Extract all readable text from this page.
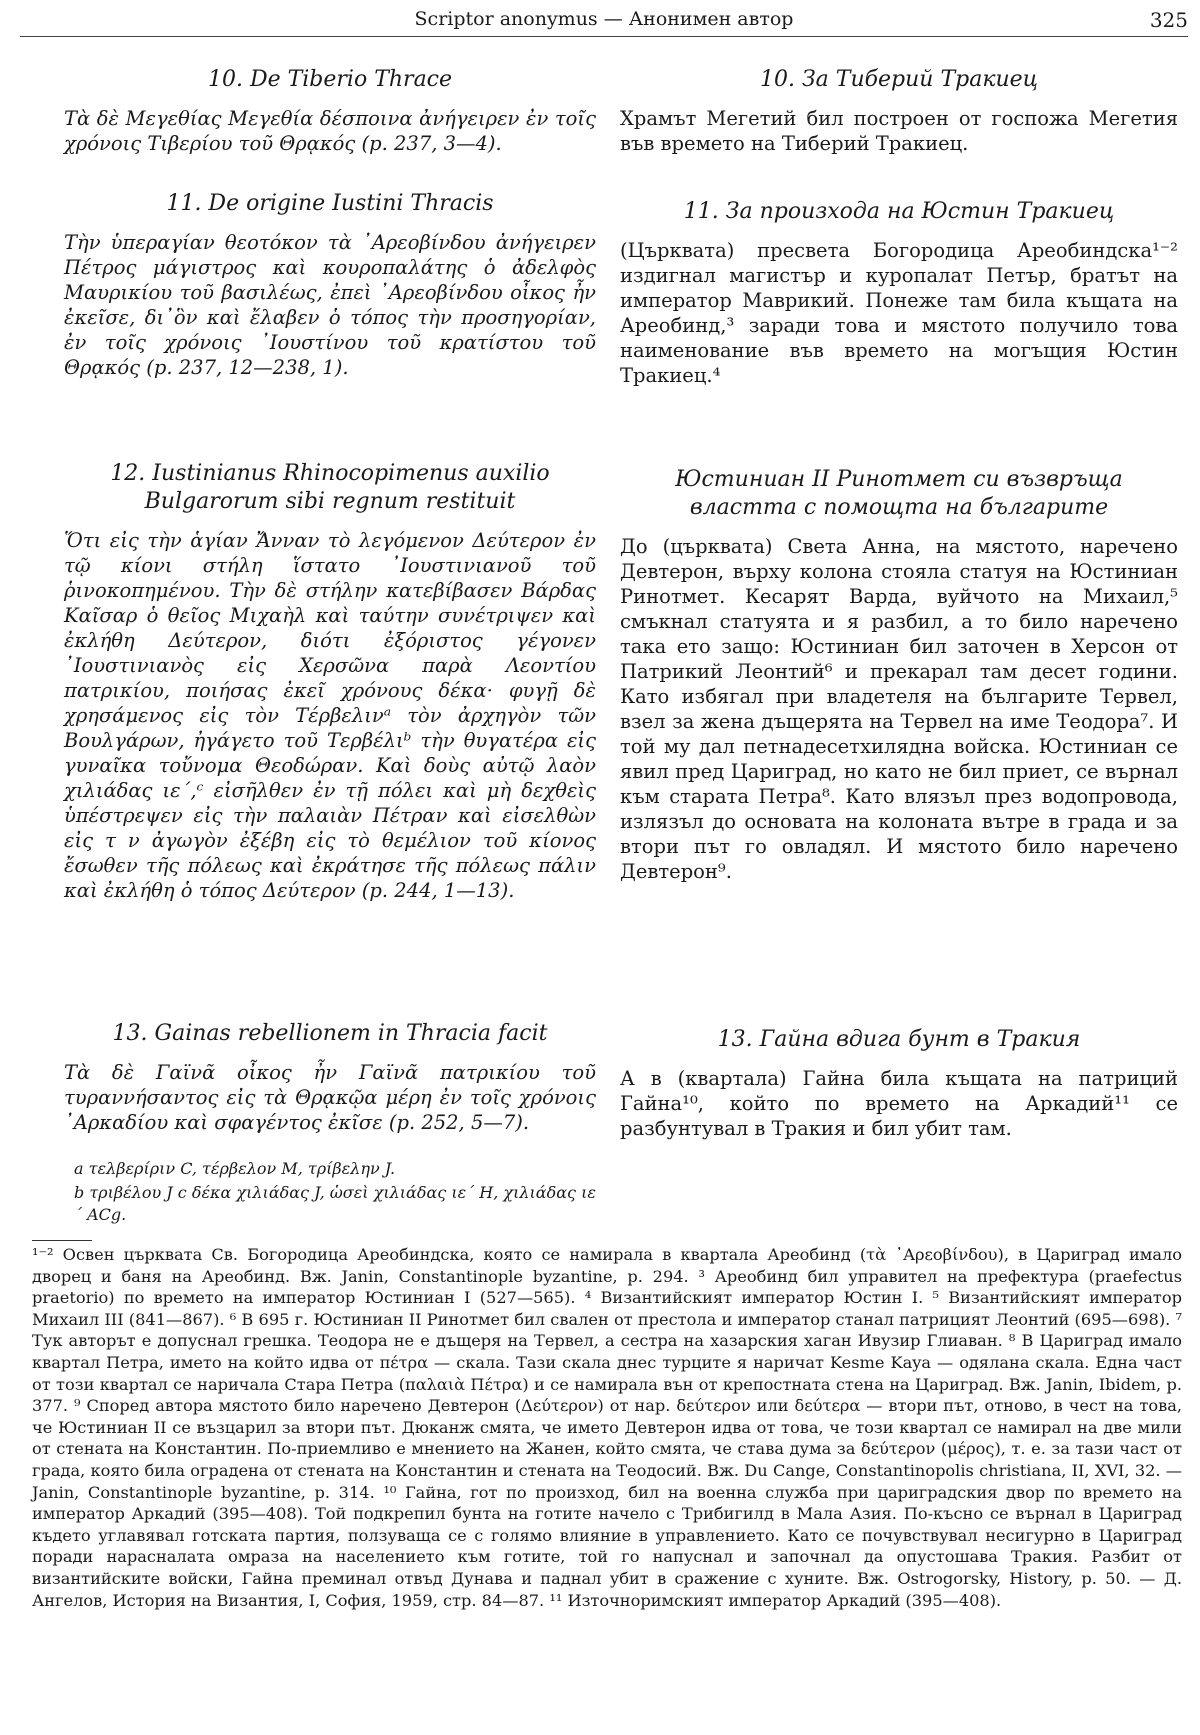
Scriptor anonymus — Анонимен автор	325
10. De Tiberio Thrace

Τὰ δὲ Μεγεθίας Μεγεθία δέσποινα ἀνήγειρεν ἐν τοῖς χρόνοις Τιβερίου τοῦ Θρᾳκός (p. 237, 3—4).

11. De origine Iustini Thracis

Τὴν ὑπεραγίαν θεοτόκον τὰ ᾿Αρεοβίνδου ἀνήγειρεν Πέτρος μάγιστρος καὶ κουροπαλάτης ὁ ἀδελφὸς Μαυρικίου τοῦ βασιλέως, ἐπεὶ ᾿Αρεοβίνδου οἶκος ἦν ἐκεῖσε, δι᾿ὃν καὶ ἔλαβεν ὁ τόπος τὴν προσηγορίαν, ἐν τοῖς χρόνοις ᾿Ιουστίνου τοῦ κρατίστου τοῦ Θρᾳκός (p. 237, 12—238, 1).

12. Iustinianus Rhinocopimenus auxilio
Bulgarorum sibi regnum restituit

Ὅτι εἰς τὴν ἁγίαν Ἄνναν τὸ λεγόμενον Δεύτερον ἐν τῷ κίονι στήλη ἵστατο ᾿Ιουστινιανοῦ τοῦ ῥινοκοπημένου. Τὴν δὲ στήλην κατεβίβασεν Βάρδας Καῖσαρ ὁ θεῖος Μιχαὴλ καὶ ταύτην συνέτριψεν καὶ ἐκλήθη Δεύτερον, διότι ἐξόριστος γέγονεν ᾿Ιουστινιανὸς εἰς Χερσῶνα παρὰ Λεοντίου πατρικίου, ποιήσας ἐκεῖ χρόνους δέκα· φυγῇ δὲ χρησάμενος εἰς τὸν Τέρβελινᵃ τὸν ἀρχηγὸν τῶν Βουλγάρων, ἠγάγετο τοῦ Τερβέλιᵇ τὴν θυγατέρα εἰς γυναῖκα τοὔνομα Θεοδώραν. Καὶ δοὺς αὐτῷ λαὸν χιλιάδας ιε´,ᶜ εἰσῆλθεν ἐν τῇ πόλει καὶ μὴ δεχθεὶς ὑπέστρεψεν εἰς τὴν παλαιὰν Πέτραν καὶ εἰσελθὼν εἰς τ ν ἀγωγὸν ἐξέβη εἰς τὸ θεμέλιον τοῦ κίονος ἔσωθεν τῆς πόλεως καὶ ἐκράτησε τῆς πόλεως πάλιν καὶ ἐκλήθη ὁ τόπος Δεύτερον (p. 244, 1—13).

13. Gainas rebellionem in Thracia facit

Τὰ δὲ Γαϊνᾶ οἶκος ἦν Γαϊνᾶ πατρικίου τοῦ τυραννήσαντος εἰς τὰ Θρᾳκῷα μέρη ἐν τοῖς χρόνοις ᾿Αρκαδίου καὶ σφαγέντος ἐκῖσε (p. 252, 5—7).

a τελβερίριν C, τέρβελον M, τρίβελην J.
b τριβέλου J c δέκα χιλιάδας J, ὡσεὶ χιλιάδας ιε´ H, χιλιάδας ιε´ ACg.
10. За Тиберий Тракиец

Храмът Мегетий бил построен от госпожа Мегетия във времето на Тиберий Тракиец.

11. За произхода на Юстин Тракиец

(Църквата) пресвета Богородица Ареобиндска¹⁻² издигнал магистър и куропалат Петър, братът на император Маврикий. Понеже там била къщата на Ареобинд,³ заради това и мястото получило това наименование във времето на могъщия Юстин Тракиец.⁴

Юстиниан II Ринотмет си възвръща
властта с помощта на българите

До (църквата) Света Анна, на мястото, наречено Девтерон, върху колона стояла статуя на Юстиниан Ринотмет. Кесарят Варда, вуйчото на Михаил,⁵ смъкнал статуята и я разбил, а то било наречено така ето защо: Юстиниан бил заточен в Херсон от Патрикий Леонтий⁶ и прекарал там десет години. Като избягал при владетеля на българите Тервел, взел за жена дъщерята на Тервел на име Теодора⁷. И той му дал петнадесетхилядна войска. Юстиниан се явил пред Цариград, но като не бил приет, се върнал към старата Петра⁸. Като влязъл през водопровода, излязъл до основата на колоната вътре в града и за втори път го овладял. И мястото било наречено Девтерон⁹.

13. Гайна вдига бунт в Тракия

А в (квартала) Гайна била къщата на патриций Гайна¹⁰, който по времето на Аркадий¹¹ се разбунтувал в Тракия и бил убит там.

¹⁻² Освен църквата Св. Богородица Ареобиндска, която се намирала в квартала Ареобинд (τὰ ᾿Αρεοβίνδου), в Цариград имало дворец и баня на Ареобинд. Вж. Janin, Constantinople byzantine, p. 294. ³ Ареобинд бил управител на префектура (praefectus praetorio) по времето на император Юстиниан I (527—565). ⁴ Византийският император Юстин I. ⁵ Византийският император Михаил III (841—867). ⁶ В 695 г. Юстиниан II Ринотмет бил свален от престола и император станал патрицият Леонтий (695—698). ⁷ Тук авторът е допуснал грешка. Теодора не е дъщеря на Тервел, а сестра на хазарския хаган Ивузир Глиаван. ⁸ В Цариград имало квартал Петра, името на който идва от πέτρα — скала. Тази скала днес турците я наричат Kesme Kaya — одялана скала. Една част от този квартал се наричала Стара Петра (παλαιὰ Πέτρα) и се намирала вън от крепостната стена на Цариград. Вж. Janin, Ibidem, p. 377. ⁹ Според автора мястото било наречено Девтерон (Δεύτερον) от нар. δεύτερον или δεύτερα — втори път, отново, в чест на това, че Юстиниан II се възцарил за втори път. Дюканж смята, че името Девтерон идва от това, че този квартал се намирал на две мили от стената на Константин. По-приемливо е мнението на Жанен, който смята, че става дума за δεύτερον (μέρος), т. е. за тази част от града, която била оградена от стената на Константин и стената на Теодосий. Вж. Du Cange, Constantinopolis christiana, II, XVI, 32. — Janin, Constantinople byzantine, p. 314. ¹⁰ Гайна, гот по произход, бил на военна служба при цариградския двор по времето на император Аркадий (395—408). Той подкрепил бунта на готите начело с Трибигилд в Мала Азия. По-късно се върнал в Цариград където углавявал готската партия, ползуваща се с голямо влияние в управлението. Като се почувствувал несигурно в Цариград поради нарасналата омраза на населението към готите, той го напуснал и започнал да опустошава Тракия. Разбит от византийските войски, Гайна преминал отвъд Дунава и паднал убит в сражение с хуните. Вж. Ostrogorsky, History, p. 50. — Д. Ангелов, История на Византия, I, София, 1959, стр. 84—87. ¹¹ Източноримският император Аркадий (395—408).
